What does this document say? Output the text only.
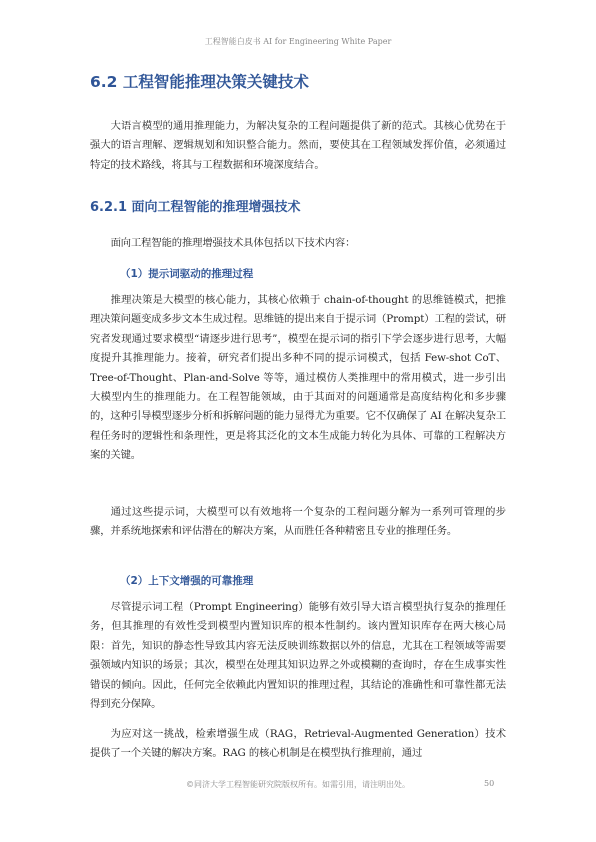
工程智能白皮书 AI for Engineering White Paper
6.2 工程智能推理决策关键技术
大语言模型的通用推理能力，为解决复杂的工程问题提供了新的范式。其核心优势在于强大的语言理解、逻辑规划和知识整合能力。然而，要使其在工程领域发挥价值，必须通过特定的技术路线，将其与工程数据和环境深度结合。
6.2.1 面向工程智能的推理增强技术
面向工程智能的推理增强技术具体包括以下技术内容：
（1）提示词驱动的推理过程
推理决策是大模型的核心能力，其核心依赖于 chain-of-thought 的思维链模式，把推理决策问题变成多步文本生成过程。思维链的提出来自于提示词（Prompt）工程的尝试，研究者发现通过要求模型“请逐步进行思考”，模型在提示词的指引下学会逐步进行思考，大幅度提升其推理能力。接着，研究者们提出多种不同的提示词模式，包括 Few-shot CoT、Tree-of-Thought、Plan-and-Solve 等等，通过模仿人类推理中的常用模式，进一步引出大模型内生的推理能力。在工程智能领域，由于其面对的问题通常是高度结构化和多步骤的，这种引导模型逐步分析和拆解问题的能力显得尤为重要。它不仅确保了 AI 在解决复杂工程任务时的逻辑性和条理性，更是将其泛化的文本生成能力转化为具体、可靠的工程解决方案的关键。
通过这些提示词，大模型可以有效地将一个复杂的工程问题分解为一系列可管理的步骤，并系统地探索和评估潜在的解决方案，从而胜任各种精密且专业的推理任务。
（2）上下文增强的可靠推理
尽管提示词工程（Prompt Engineering）能够有效引导大语言模型执行复杂的推理任务，但其推理的有效性受到模型内置知识库的根本性制约。该内置知识库存在两大核心局限：首先，知识的静态性导致其内容无法反映训练数据以外的信息，尤其在工程领域等需要强领域内知识的场景；其次，模型在处理其知识边界之外或模糊的查询时，存在生成事实性错误的倾向。因此，任何完全依赖此内置知识的推理过程，其结论的准确性和可靠性都无法得到充分保障。
为应对这一挑战，检索增强生成（RAG，Retrieval-Augmented Generation）技术提供了一个关键的解决方案。RAG 的核心机制是在模型执行推理前，通过
©同济大学工程智能研究院版权所有。如需引用，请注明出处。	50
